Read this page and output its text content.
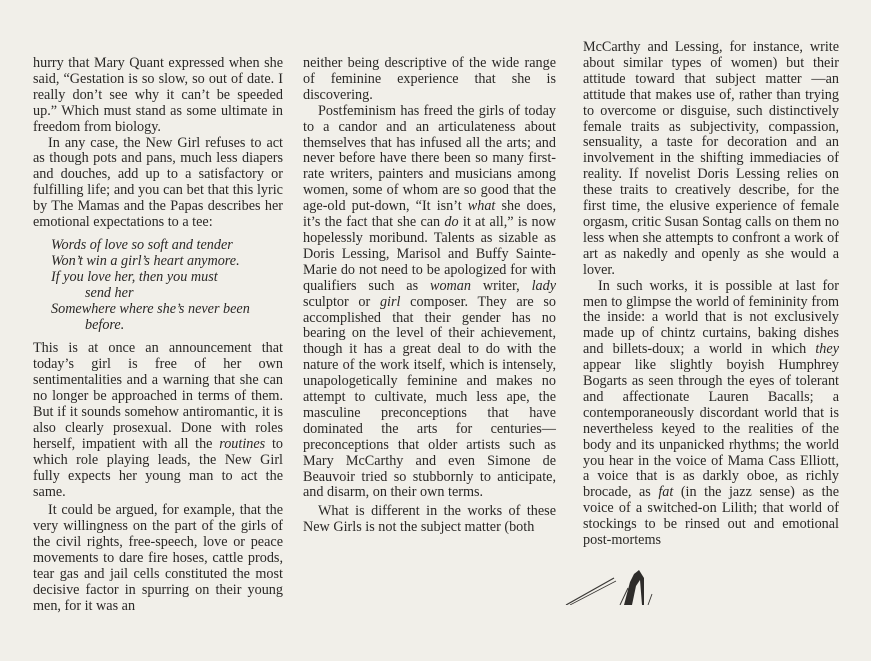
hurry that Mary Quant expressed when she said, “Gestation is so slow, so out of date. I really don’t see why it can’t be speeded up.” Which must stand as some ultimate in freedom from biology.

In any case, the New Girl refuses to act as though pots and pans, much less diapers and douches, add up to a satisfactory or fulfilling life; and you can bet that this lyric by The Mamas and the Papas describes her emotional expectations to a tee:

Words of love so soft and tender
Won’t win a girl’s heart anymore.
If you love her, then you must
send her
Somewhere where she’s never been
before.

This is at once an announcement that today’s girl is free of her own sentimentalities and a warning that she can no longer be approached in terms of them. But if it sounds somehow antiromantic, it is also clearly prosexual. Done with roles herself, impatient with all the routines to which role playing leads, the New Girl fully expects her young man to act the same.

It could be argued, for example, that the very willingness on the part of the girls of the civil rights, free-speech, love or peace movements to dare fire hoses, cattle prods, tear gas and jail cells constituted the most decisive factor in spurring on their young men, for it was an

neither being descriptive of the wide range of feminine experience that she is discovering.

Postfeminism has freed the girls of today to a candor and an articulateness about themselves that has infused all the arts; and never before have there been so many first-rate writers, painters and musicians among women, some of whom are so good that the age-old put-down, “It isn’t what she does, it’s the fact that she can do it at all,” is now hopelessly moribund. Talents as sizable as Doris Lessing, Marisol and Buffy Sainte-Marie do not need to be apologized for with qualifiers such as woman writer, lady sculptor or girl composer. They are so accomplished that their gender has no bearing on the level of their achievement, though it has a great deal to do with the nature of the work itself, which is intensely, unapologetically feminine and makes no attempt to cultivate, much less ape, the masculine preconceptions that have dominated the arts for centuries—preconceptions that older artists such as Mary McCarthy and even Simone de Beauvoir tried so stubbornly to anticipate, and disarm, on their own terms.

What is different in the works of these New Girls is not the subject matter (both

McCarthy and Lessing, for instance, write about similar types of women) but their attitude toward that subject matter —an attitude that makes use of, rather than trying to overcome or disguise, such distinctively female traits as subjectivity, compassion, sensuality, a taste for decoration and an involvement in the shifting immediacies of reality. If novelist Doris Lessing relies on these traits to creatively describe, for the first time, the elusive experience of female orgasm, critic Susan Sontag calls on them no less when she attempts to confront a work of art as nakedly and openly as she would a lover.

In such works, it is possible at last for men to glimpse the world of femininity from the inside: a world that is not exclusively made up of chintz curtains, baking dishes and billets-doux; a world in which they appear like slightly boyish Humphrey Bogarts as seen through the eyes of tolerant and affectionate Lauren Bacalls; a contemporaneously discordant world that is nevertheless keyed to the realities of the body and its unpanicked rhythms; the world you hear in the voice of Mama Cass Elliott, a voice that is as darkly oboe, as richly brocade, as fat (in the jazz sense) as the voice of a switched-on Lilith; that world of stockings to be rinsed out and emotional post-mortems
